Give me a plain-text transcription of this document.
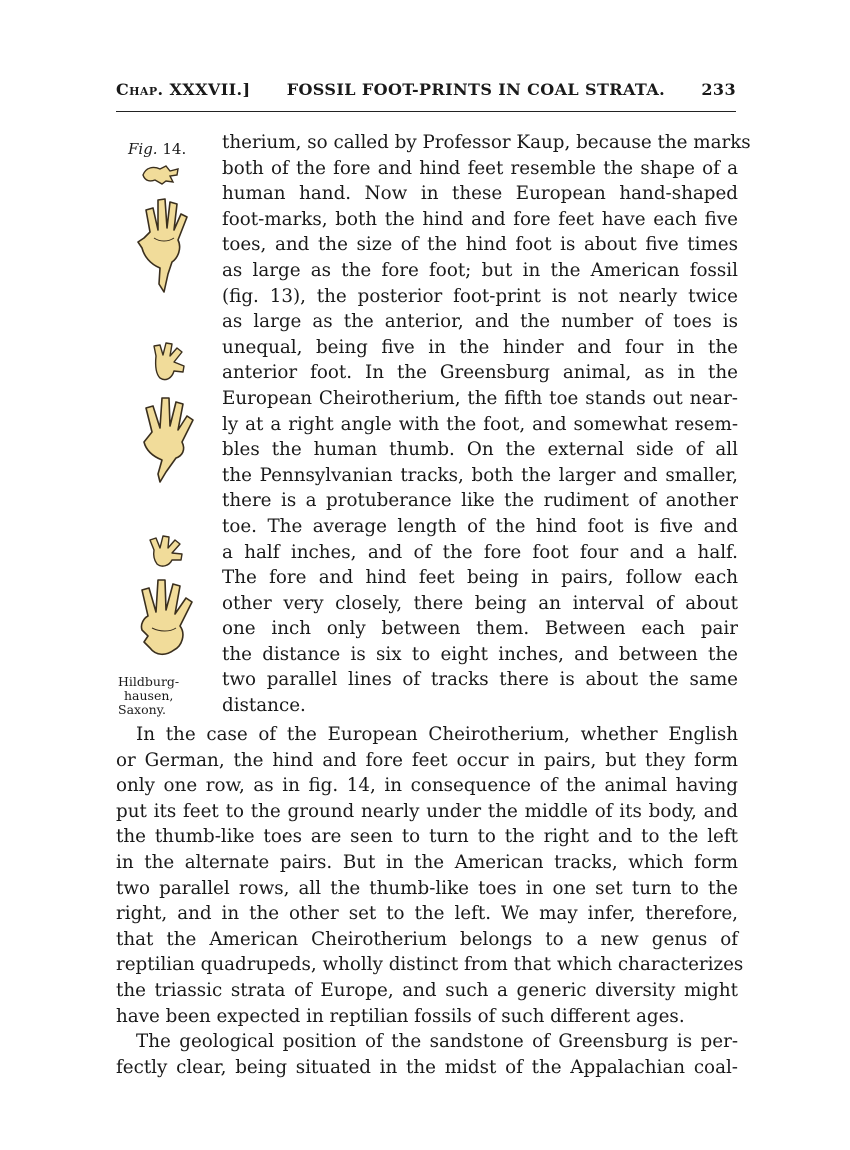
Chap. XXXVII.] FOSSIL FOOT-PRINTS IN COAL STRATA. 233
Fig. 14.
Hildburg-
hausen,
Saxony.
therium, so called by Professor Kaup, because the marks
both of the fore and hind feet resemble the shape of a
human hand. Now in these European hand-shaped
foot-marks, both the hind and fore feet have each five
toes, and the size of the hind foot is about five times
as large as the fore foot; but in the American fossil
(fig. 13), the posterior foot-print is not nearly twice
as large as the anterior, and the number of toes is
unequal, being five in the hinder and four in the
anterior foot. In the Greensburg animal, as in the
European Cheirotherium, the fifth toe stands out near-
ly at a right angle with the foot, and somewhat resem-
bles the human thumb. On the external side of all
the Pennsylvanian tracks, both the larger and smaller,
there is a protuberance like the rudiment of another
toe. The average length of the hind foot is five and
a half inches, and of the fore foot four and a half.
The fore and hind feet being in pairs, follow each
other very closely, there being an interval of about
one inch only between them. Between each pair
the distance is six to eight inches, and between the
two parallel lines of tracks there is about the same
distance.
In the case of the European Cheirotherium, whether English
or German, the hind and fore feet occur in pairs, but they form
only one row, as in fig. 14, in consequence of the animal having
put its feet to the ground nearly under the middle of its body, and
the thumb-like toes are seen to turn to the right and to the left
in the alternate pairs. But in the American tracks, which form
two parallel rows, all the thumb-like toes in one set turn to the
right, and in the other set to the left. We may infer, therefore,
that the American Cheirotherium belongs to a new genus of
reptilian quadrupeds, wholly distinct from that which characterizes
the triassic strata of Europe, and such a generic diversity might
have been expected in reptilian fossils of such different ages.
The geological position of the sandstone of Greensburg is per-
fectly clear, being situated in the midst of the Appalachian coal-
